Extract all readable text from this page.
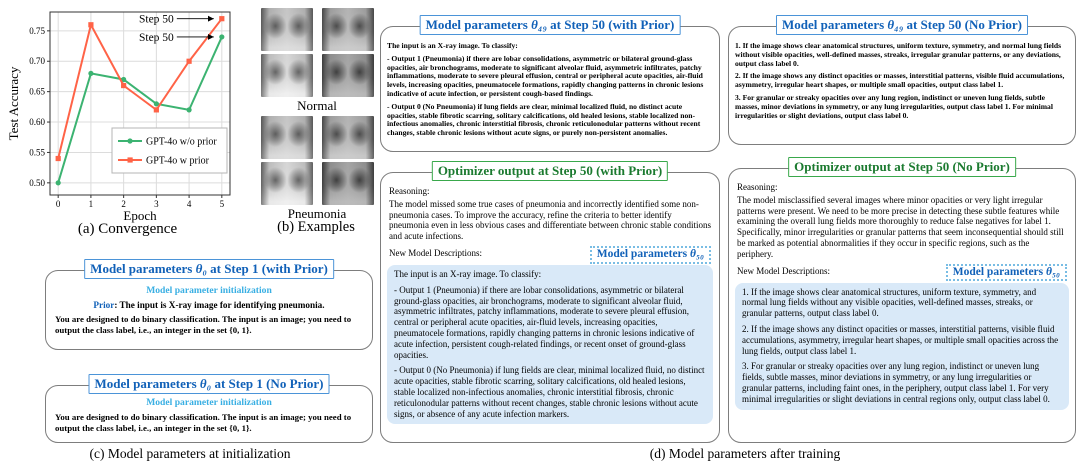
0.50
0.55
0.60
0.65
0.70
0.75
0	1	2	3	4	5
Epoch
Test Accuracy
GPT-4o w/o prior
GPT-4o w prior
Step 50
Step 50
(a) Convergence
Normal
Pneumonia
(b) Examples
Model parameters θ₀ at Step 1 (with Prior)
Model parameter initialization

Prior: The input is X-ray image for identifying pneumonia.

You are designed to do binary classification. The input is an image; you need to output the class label, i.e., an integer in the set {0, 1}.

Model parameters θ₀ at Step 1 (No Prior)
Model parameter initialization

You are designed to do binary classification. The input is an image; you need to output the class label, i.e., an integer in the set {0, 1}.

(c) Model parameters at initialization
Model parameters θ₄₉ at Step 50 (with Prior)

The input is an X-ray image. To classify:

- Output 1 (Pneumonia) if there are lobar consolidations, asymmetric or bilateral ground-glass opacities, air bronchograms, moderate to significant alveolar fluid, asymmetric infiltrates, patchy inflammations, moderate to severe pleural effusion, central or peripheral acute opacities, air-fluid levels, increasing opacities, pneumatocele formations, rapidly changing patterns in chronic lesions indicative of acute infection, or persistent cough-based findings.

- Output 0 (No Pneumonia) if lung fields are clear, minimal localized fluid, no distinct acute opacities, stable fibrotic scarring, solitary calcifications, old healed lesions, stable localized non-infectious anomalies, chronic interstitial fibrosis, chronic reticulonodular patterns without recent changes, stable chronic lesions without acute signs, or purely non-persistent anomalies.

Optimizer output at Step 50 (with Prior)

Reasoning:

The model missed some true cases of pneumonia and incorrectly identified some non-pneumonia cases. To improve the accuracy, refine the criteria to better identify pneumonia even in less obvious cases and differentiate between chronic stable conditions and acute infections.

New Model Descriptions:	Model parameters θ₅₀

The input is an X-ray image. To classify:

- Output 1 (Pneumonia) if there are lobar consolidations, asymmetric or bilateral ground-glass opacities, air bronchograms, moderate to significant alveolar fluid, asymmetric infiltrates, patchy inflammations, moderate to severe pleural effusion, central or peripheral acute opacities, air-fluid levels, increasing opacities, pneumatocele formations, rapidly changing patterns in chronic lesions indicative of acute infection, persistent cough-related findings, or recent onset of ground-glass opacities.

- Output 0 (No Pneumonia) if lung fields are clear, minimal localized fluid, no distinct acute opacities, stable fibrotic scarring, solitary calcifications, old healed lesions, stable localized non-infectious anomalies, chronic interstitial fibrosis, chronic reticulonodular patterns without recent changes, stable chronic lesions without acute signs, or absence of any acute infection markers.

Model parameters θ₄₉ at Step 50 (No Prior)

1. If the image shows clear anatomical structures, uniform texture, symmetry, and normal lung fields without visible opacities, well-defined masses, streaks, irregular granular patterns, or any deviations, output class label 0.

2. If the image shows any distinct opacities or masses, interstitial patterns, visible fluid accumulations, asymmetry, irregular heart shapes, or multiple small opacities, output class label 1.

3. For granular or streaky opacities over any lung region, indistinct or uneven lung fields, subtle masses, minor deviations in symmetry, or any lung irregularities, output class label 1. For minimal irregularities or slight deviations, output class label 0.

Optimizer output at Step 50 (No Prior)

Reasoning:

The model misclassified several images where minor opacities or very light irregular patterns were present. We need to be more precise in detecting these subtle features while examining the overall lung fields more thoroughly to reduce false negatives for label 1. Specifically, minor irregularities or granular patterns that seem inconsequential should still be marked as potential abnormalities if they occur in specific regions, such as the periphery.

New Model Descriptions:	Model parameters θ₅₀

1. If the image shows clear anatomical structures, uniform texture, symmetry, and normal lung fields without any visible opacities, well-defined masses, streaks, or granular patterns, output class label 0.

2. If the image shows any distinct opacities or masses, interstitial patterns, visible fluid accumulations, asymmetry, irregular heart shapes, or multiple small opacities across the lung fields, output class label 1.

3. For granular or streaky opacities over any lung region, indistinct or uneven lung fields, subtle masses, minor deviations in symmetry, or any lung irregularities or granular patterns, including faint ones, in the periphery, output class label 1. For very minimal irregularities or slight deviations in central regions only, output class label 0.

(d) Model parameters after training
